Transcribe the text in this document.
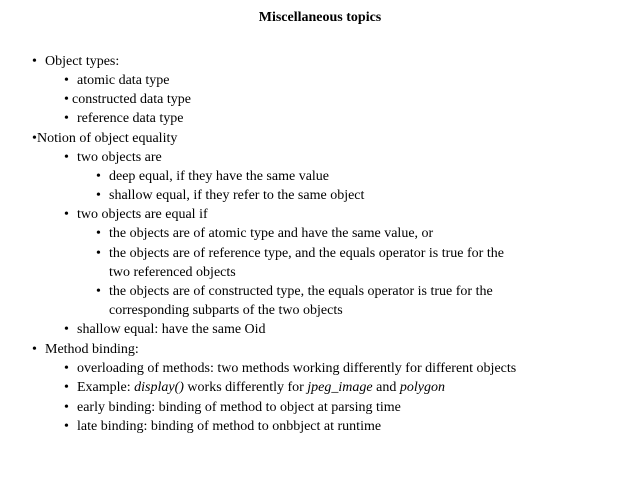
Miscellaneous topics
• Object types:
• atomic data type
• constructed data type
• reference data type
• Notion of object equality
• two objects are
• deep equal, if they have the same value
• shallow equal, if they refer to the same object
• two objects are equal if
• the objects are of atomic type and have the same value, or
• the objects are of reference type, and the equals operator is true for the
two referenced objects
• the objects are of constructed type, the equals operator is true for the
corresponding subparts of the two objects
• shallow equal: have the same Oid
• Method binding:
• overloading of methods: two methods working differently for different objects
• Example: display() works differently for jpeg_image and polygon
• early binding: binding of method to object at parsing time
• late binding: binding of method to onbbject at runtime
